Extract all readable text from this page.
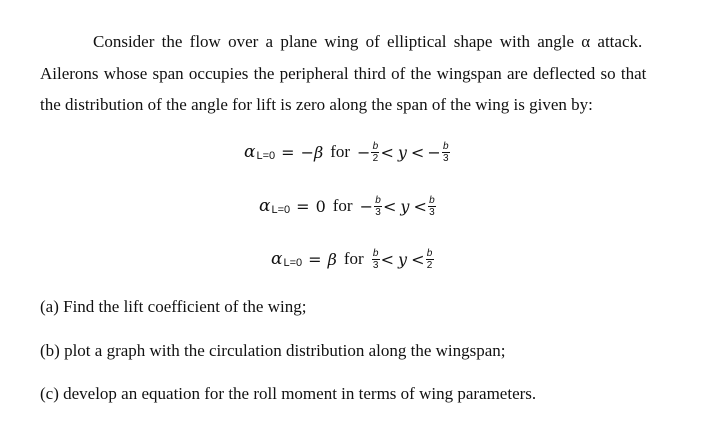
Consider the flow over a plane wing of elliptical shape with angle α attack.
Ailerons whose span occupies the peripheral third of the wingspan are deflected so that
the distribution of the angle for lift is zero along the span of the wing is given by:
α L=0 = −β for − $\frac{b}{2} < y$ < − $\frac{b}{3}$
α L=0 = 0 for − $\frac{b}{3} < y < \frac{b}{3}$
α L=0 = β for $\frac{b}{3} < y < \frac{b}{2}$
(a) Find the lift coefficient of the wing;
(b) plot a graph with the circulation distribution along the wingspan;
(c) develop an equation for the roll moment in terms of wing parameters.
